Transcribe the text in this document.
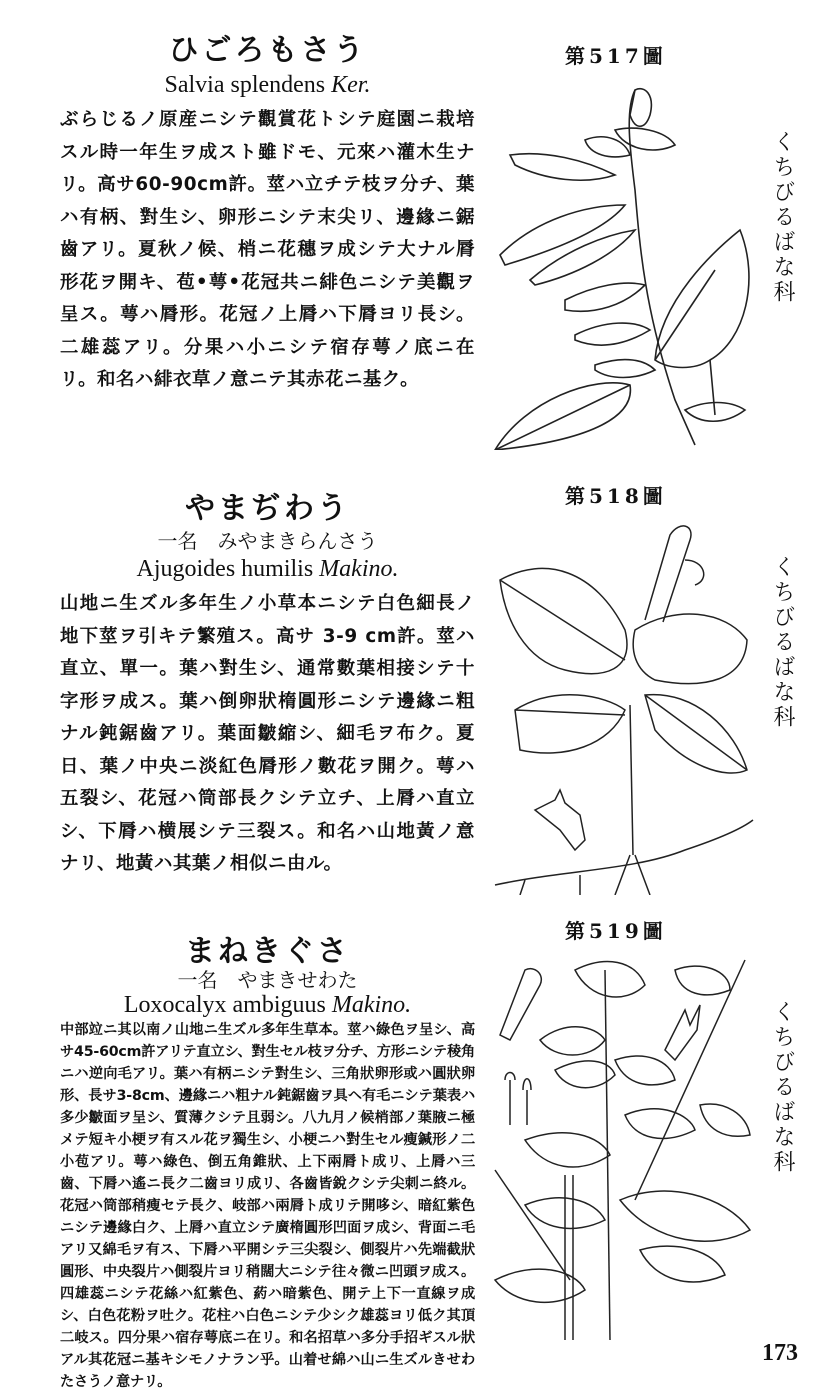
ひごろもさう
Salvia splendens Ker.
ぶらじるノ原産ニシテ觀賞花トシテ庭園ニ栽培スル時一年生ヲ成スト雖ドモ、元來ハ灌木生ナリ。高サ60-90cm許。莖ハ立チテ枝ヲ分チ、葉ハ有柄、對生シ、卵形ニシテ末尖リ、邊緣ニ鋸齒アリ。夏秋ノ候、梢ニ花穗ヲ成シテ大ナル脣形花ヲ開キ、苞•萼•花冠共ニ緋色ニシテ美觀ヲ呈ス。萼ハ脣形。花冠ノ上脣ハ下脣ヨリ長シ。二雄蕊アリ。分果ハ小ニシテ宿存萼ノ底ニ在リ。和名ハ緋衣草ノ意ニテ其赤花ニ基ク。
第517圖
くちびるばな科
やまぢわう
一名　みやまきらんさう
Ajugoides humilis Makino.
山地ニ生ズル多年生ノ小草本ニシテ白色細長ノ地下莖ヲ引キテ繁殖ス。高サ 3-9 cm許。莖ハ直立、單一。葉ハ對生シ、通常數葉相接シテ十字形ヲ成ス。葉ハ倒卵狀楕圓形ニシテ邊緣ニ粗ナル鈍鋸齒アリ。葉面皺縮シ、細毛ヲ布ク。夏日、葉ノ中央ニ淡紅色脣形ノ數花ヲ開ク。萼ハ五裂シ、花冠ハ筒部長クシテ立チ、上脣ハ直立シ、下脣ハ横展シテ三裂ス。和名ハ山地黃ノ意ナリ、地黃ハ其葉ノ相似ニ由ル。
第518圖
くちびるばな科
まねきぐさ
一名　やまきせわた
Loxocalyx ambiguus Makino.
中部竝ニ其以南ノ山地ニ生ズル多年生草本。莖ハ綠色ヲ呈シ、高サ45-60cm許アリテ直立シ、對生セル枝ヲ分チ、方形ニシテ稜角ニハ逆向毛アリ。葉ハ有柄ニシテ對生シ、三角狀卵形或ハ圓狀卵形、長サ3-8cm、邊緣ニハ粗ナル鈍鋸齒ヲ具ヘ有毛ニシテ葉表ハ多少皺面ヲ呈シ、質薄クシテ且弱シ。八九月ノ候梢部ノ葉腋ニ極メテ短キ小梗ヲ有スル花ヲ獨生シ、小梗ニハ對生セル瘦鍼形ノ二小苞アリ。萼ハ綠色、倒五角錐狀、上下兩脣ト成リ、上脣ハ三齒、下脣ハ遙ニ長ク二齒ヨリ成リ、各齒皆銳クシテ尖刺ニ終ル。花冠ハ筒部稍瘦セテ長ク、岐部ハ兩脣ト成リテ開哆シ、暗紅紫色ニシテ邊緣白ク、上脣ハ直立シテ廣楕圓形凹面ヲ成シ、背面ニ毛アリ又綿毛ヲ有ス、下脣ハ平開シテ三尖裂シ、側裂片ハ先端截狀圓形、中央裂片ハ側裂片ヨリ稍闊大ニシテ往々微ニ凹頭ヲ成ス。四雄蕊ニシテ花絲ハ紅紫色、葯ハ暗紫色、開テ上下一直線ヲ成シ、白色花粉ヲ吐ク。花柱ハ白色ニシテ少シク雄蕊ヨリ低ク其頂二岐ス。四分果ハ宿存萼底ニ在リ。和名招草ハ多分手招ギスル狀アル其花冠ニ基キシモノナラン乎。山着せ綿ハ山ニ生ズルきせわたさうノ意ナリ。
第519圖
くちびるばな科
173
